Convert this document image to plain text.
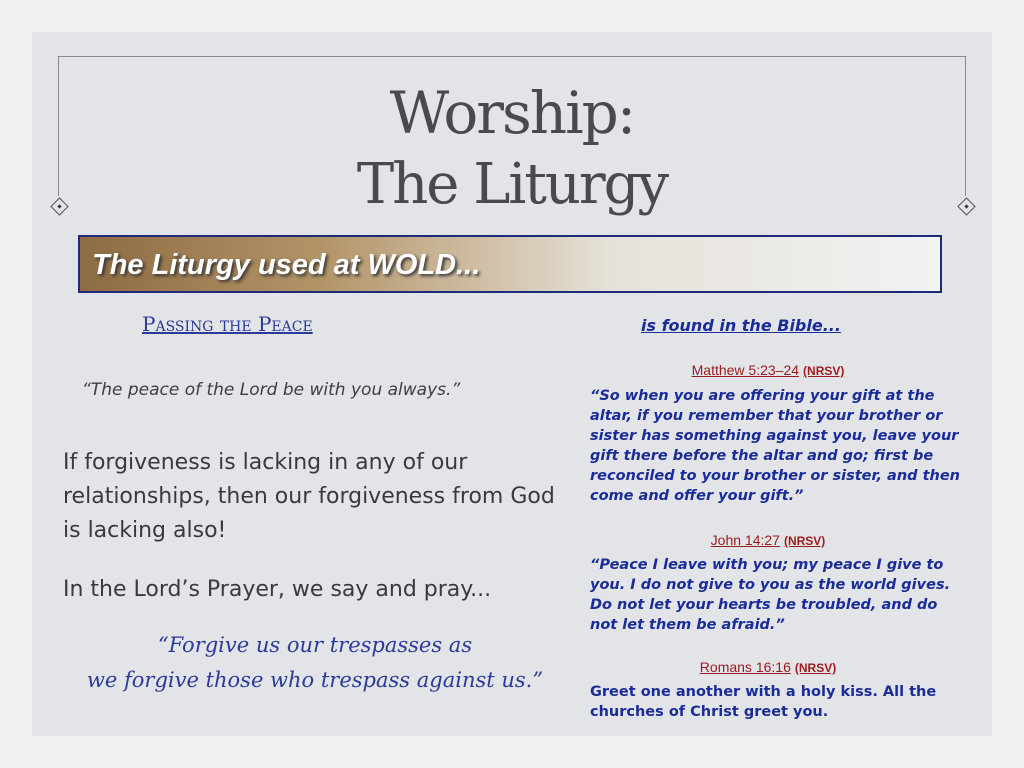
Worship:
The Liturgy
The Liturgy used at WOLD...
Passing the Peace
“The peace of the Lord be with you always.”
If forgiveness is lacking in any of our relationships, then our forgiveness from God is lacking also!
In the Lord’s Prayer, we say and pray...
“Forgive us our trespasses as
we forgive those who trespass against us.”
is found in the Bible...
Matthew 5:23–24 (NRSV)
“So when you are offering your gift at the altar, if you remember that your brother or sister has something against you, leave your gift there before the altar and go; first be reconciled to your brother or sister, and then come and offer your gift.”
John 14:27 (NRSV)
“Peace I leave with you; my peace I give to you. I do not give to you as the world gives. Do not let your hearts be troubled, and do not let them be afraid.”
Romans 16:16 (NRSV)
Greet one another with a holy kiss. All the churches of Christ greet you.
